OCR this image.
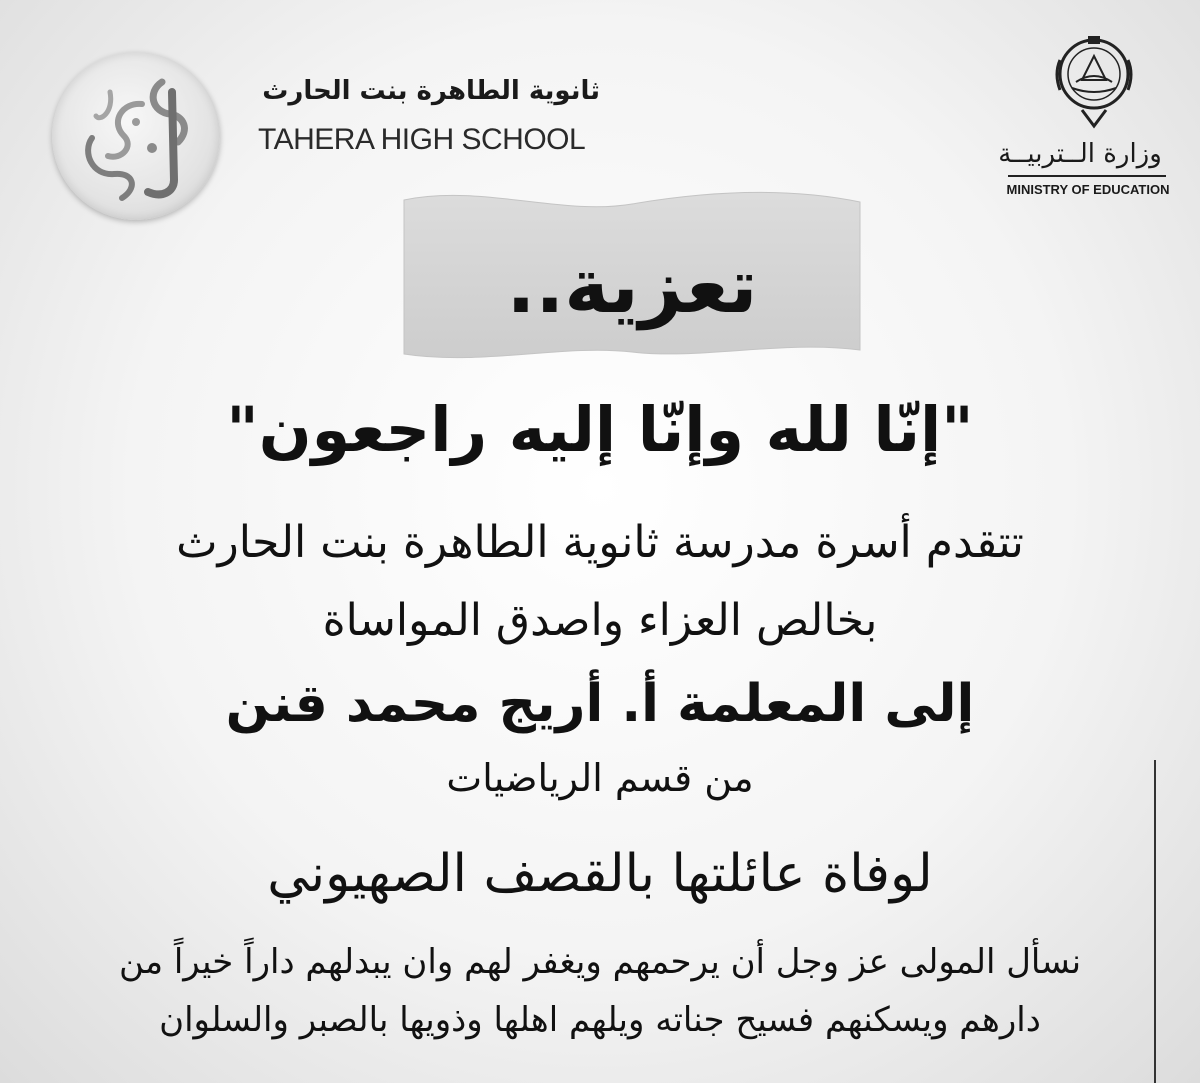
ثانوية الطاهرة بنت الحارث
TAHERA HIGH SCHOOL	وزارة الــتربيــة
MINISTRY OF EDUCATION
تعزية..
"إنّا لله وإنّا إليه راجعون"
تتقدم أسرة مدرسة ثانوية الطاهرة بنت الحارث
بخالص العزاء واصدق المواساة
إلى المعلمة أ. أريج محمد قنن
من قسم الرياضيات
لوفاة عائلتها بالقصف الصهيوني
نسأل المولى عز وجل أن يرحمهم ويغفر لهم وان يبدلهم داراً خيراً من
دارهم ويسكنهم فسيح جناته ويلهم اهلها وذويها بالصبر والسلوان
